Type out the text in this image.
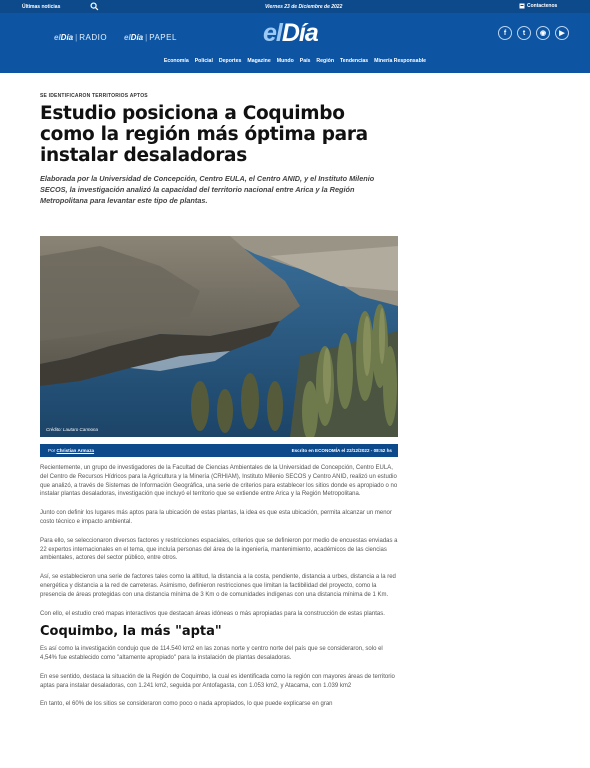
Últimas noticias	Viernes 23 de Diciembre de 2022	Contactenos
elDía | RADIO elDía | PAPEL	elDía	f	t	◉	▶
Economía Policial Deportes Magazine Mundo País Región Tendencias Minería Responsable
SE IDENTIFICARON TERRITORIOS APTOS
Estudio posiciona a Coquimbo como la región más óptima para instalar desaladoras

Elaborada por la Universidad de Concepción, Centro EULA, el Centro ANID, y el Instituto Milenio SECOS, la investigación analizó la capacidad del territorio nacional entre Arica y la Región Metropolitana para levantar este tipo de plantas.

Crédito: Lautaro Carmona
Por Christian Armaza	Escrito en ECONOMÍA el 22/12/2022 - 08:52 hs

Recientemente, un grupo de investigadores de la Facultad de Ciencias Ambientales de la Universidad de Concepción, Centro EULA, del Centro de Recursos Hídricos para la Agricultura y la Minería (CRHIAM), Instituto Milenio SECOS y Centro ANID, realizó un estudio que analizó, a través de Sistemas de Información Geográfica, una serie de criterios para establecer los sitios donde es apropiado o no instalar plantas desaladoras, investigación que incluyó el territorio que se extiende entre Arica y la Región Metropolitana.

Junto con definir los lugares más aptos para la ubicación de estas plantas, la idea es que esta ubicación, permita alcanzar un menor costo técnico e impacto ambiental.

Para ello, se seleccionaron diversos factores y restricciones espaciales, criterios que se definieron por medio de encuestas enviadas a 22 expertos internacionales en el tema, que incluía personas del área de la ingeniería, mantenimiento, académicos de las ciencias ambientales, actores del sector público, entre otros.

Así, se establecieron una serie de factores tales como la altitud, la distancia a la costa, pendiente, distancia a urbes, distancia a la red energética y distancia a la red de carreteras. Asimismo, definieron restricciones que limitan la factibilidad del proyecto, como la presencia de áreas protegidas con una distancia mínima de 3 Km o de comunidades indígenas con una distancia mínima de 1 Km.

Con ello, el estudio creó mapas interactivos que destacan áreas idóneas o más apropiadas para la construcción de estas plantas.

Coquimbo, la más "apta"

Es así como la investigación condujo que de 114.540 km2 en las zonas norte y centro norte del país que se consideraron, solo el 4,54% fue establecido como "altamente apropiado" para la instalación de plantas desaladoras.

En ese sentido, destaca la situación de la Región de Coquimbo, la cual es identificada como la región con mayores áreas de territorio aptas para instalar desaladoras, con 1.241 km2, seguida por Antofagasta, con 1.053 km2, y Atacama, con 1.039 km2

En tanto, el 60% de los sitios se consideraron como poco o nada apropiados, lo que puede explicarse en gran
